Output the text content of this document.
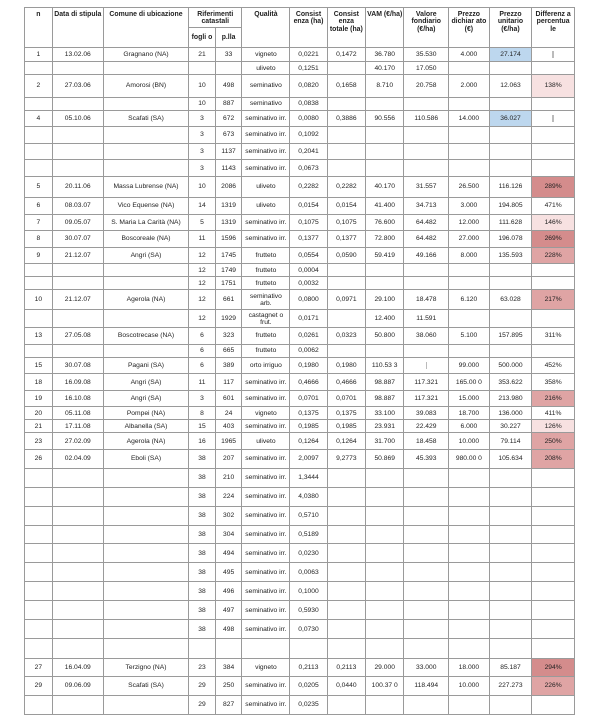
n	Data di stipula	Comune di ubicazione	Riferimenti catastali		Qualità	Consist enza (ha)	Consist enza totale (ha)	VAM (€/ha)	Valore fondiario (€/ha)	Prezzo dichiar ato (€)	Prezzo unitario (€/ha)	Differenz a percentua le
			fogli o	p.lla								
1	13.02.06	Gragnano (NA)	21	33	vigneto	0,0221	0,1472	36.780	35.530	4.000	27.174	
					uliveto	0,1251		40.170	17.050			
2	27.03.06	Amorosi (BN)	10	498	seminativo	0,0820	0,1658	8.710	20.758	2.000	12.063	138%
			10	887	seminativo	0,0838						
4	05.10.06	Scafati (SA)	3	672	seminativo irr.	0,0080	0,3886	90.556	110.586	14.000	36.027	
			3	673	seminativo irr.	0,1092						
			3	1137	seminativo irr.	0,2041						
			3	1143	seminativo irr.	0,0673						
5	20.11.06	Massa Lubrense (NA)	10	2086	uliveto	0,2282	0,2282	40.170	31.557	26.500	116.126	289%
6	08.03.07	Vico Equense (NA)	14	1319	uliveto	0,0154	0,0154	41.400	34.713	3.000	194.805	471%
7	09.05.07	S. Maria La Carità (NA)	5	1319	seminativo irr.	0,1075	0,1075	76.600	64.482	12.000	111.628	146%
8	30.07.07	Boscoreale (NA)	11	1596	seminativo irr.	0,1377	0,1377	72.800	64.482	27.000	196.078	269%
9	21.12.07	Angri (SA)	12	1745	frutteto	0,0554	0,0590	59.419	49.166	8.000	135.593	228%
			12	1749	frutteto	0,0004						
			12	1751	frutteto	0,0032						
10	21.12.07	Agerola (NA)	12	661	seminativo arb.	0,0800	0,0971	29.100	18.478	6.120	63.028	217%
			12	1929	castagnet o frut.	0,0171		12.400	11.591			
13	27.05.08	Boscotrecase (NA)	6	323	frutteto	0,0261	0,0323	50.800	38.060	5.100	157.895	311%
			6	665	frutteto	0,0062						
15	30.07.08	Pagani (SA)	6	389	orto irriguo	0,1980	0,1980	110.53 3		99.000	500.000	452%
18	16.09.08	Angri (SA)	11	117	seminativo irr.	0,4666	0,4666	98.887	117.321	165.00 0	353.622	358%
19	16.10.08	Angri (SA)	3	601	seminativo irr.	0,0701	0,0701	98.887	117.321	15.000	213.980	216%
20	05.11.08	Pompei (NA)	8	24	vigneto	0,1375	0,1375	33.100	39.083	18.700	136.000	411%
21	17.11.08	Albanella (SA)	15	403	seminativo irr.	0,1985	0,1985	23.931	22.429	6.000	30.227	126%
23	27.02.09	Agerola (NA)	16	1965	uliveto	0,1264	0,1264	31.700	18.458	10.000	79.114	250%
26	02.04.09	Eboli (SA)	38	207	seminativo irr.	2,0097	9,2773	50.869	45.393	980.00 0	105.634	208%
			38	210	seminativo irr.	1,3444						
			38	224	seminativo irr.	4,0380						
			38	302	seminativo irr.	0,5710						
			38	304	seminativo irr.	0,5189						
			38	494	seminativo irr.	0,0230						
			38	495	seminativo irr.	0,0063						
			38	496	seminativo irr.	0,1000						
			38	497	seminativo irr.	0,5930						
			38	498	seminativo irr.	0,0730						

27	16.04.09	Terzigno (NA)	23	384	vigneto	0,2113	0,2113	29.000	33.000	18.000	85.187	294%
29	09.06.09	Scafati (SA)	29	250	seminativo irr.	0,0205	0,0440	100.37 0	118.494	10.000	227.273	226%
			29	827	seminativo irr.	0,0235						
